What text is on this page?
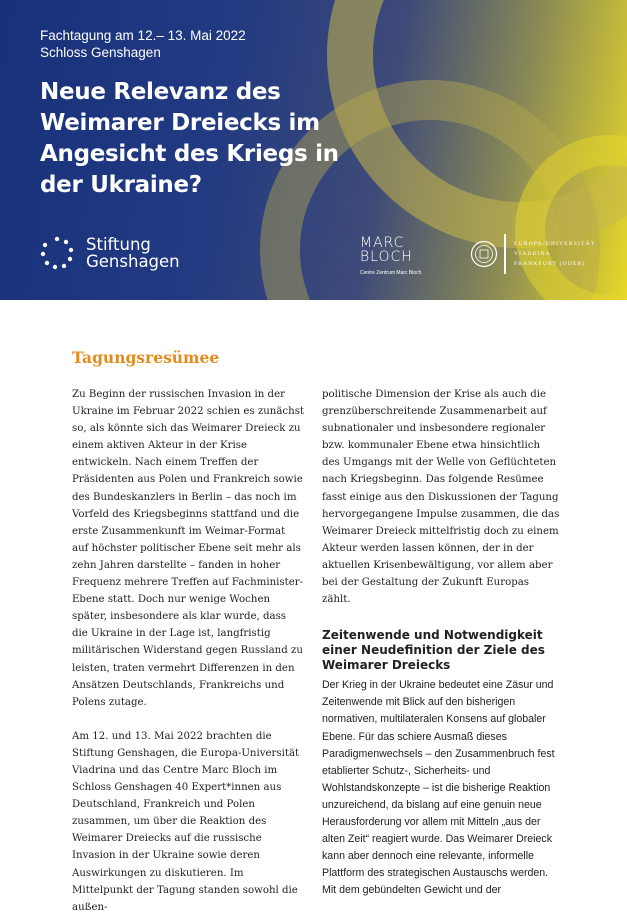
Fachtagung am 12.– 13. Mai 2022
Schloss Genshagen
Neue Relevanz des Weimarer Dreiecks im Angesicht des Kriegs in der Ukraine?
Stiftung
Genshagen
MARC
BLOCH
Centre Zentrum Marc Bloch
EUROPA-UNIVERSITÄT
VIADRINA
FRANKFURT (ODER)
Tagungsresümee

Zu Beginn der russischen Invasion in der Ukraine im Februar 2022 schien es zunächst so, als könnte sich das Weimarer Dreieck zu einem aktiven Akteur in der Krise entwickeln. Nach einem Treffen der Präsidenten aus Polen und Frankreich sowie des Bundeskanzlers in Berlin – das noch im Vorfeld des Kriegsbeginns stattfand und die erste Zusammenkunft im Weimar-Format auf höchster politischer Ebene seit mehr als zehn Jahren darstellte – fanden in hoher Frequenz mehrere Treffen auf Fachminister-Ebene statt. Doch nur wenige Wochen später, insbesondere als klar wurde, dass die Ukraine in der Lage ist, langfristig militärischen Widerstand gegen Russland zu leisten, traten vermehrt Differenzen in den Ansätzen Deutschlands, Frankreichs und Polens zutage.

Am 12. und 13. Mai 2022 brachten die Stiftung Genshagen, die Europa-Universität Viadrina und das Centre Marc Bloch im Schloss Genshagen 40 Expert*innen aus Deutschland, Frankreich und Polen zusammen, um über die Reaktion des Weimarer Dreiecks auf die russische Invasion in der Ukraine sowie deren Auswirkungen zu diskutieren. Im Mittelpunkt der Tagung standen sowohl die außen-

politische Dimension der Krise als auch die grenzüberschreitende Zusammenarbeit auf subnationaler und insbesondere regionaler bzw. kommunaler Ebene etwa hinsichtlich des Umgangs mit der Welle von Geflüchteten nach Kriegsbeginn. Das folgende Resümee fasst einige aus den Diskussionen der Tagung hervorgegangene Impulse zusammen, die das Weimarer Dreieck mittelfristig doch zu einem Akteur werden lassen können, der in der aktuellen Krisenbewältigung, vor allem aber bei der Gestaltung der Zukunft Europas zählt.

Zeitenwende und Notwendigkeit einer Neudefinition der Ziele des Weimarer Dreiecks

Der Krieg in der Ukraine bedeutet eine Zäsur und Zeitenwende mit Blick auf den bisherigen normativen, multilateralen Konsens auf globaler Ebene. Für das schiere Ausmaß dieses Paradigmenwechsels – den Zusammenbruch fest etablierter Schutz-, Sicherheits- und Wohlstandskonzepte – ist die bisherige Reaktion unzureichend, da bislang auf eine genuin neue Herausforderung vor allem mit Mitteln „aus der alten Zeit“ reagiert wurde. Das Weimarer Dreieck kann aber dennoch eine relevante, informelle Plattform des strategischen Austauschs werden. Mit dem gebündelten Gewicht und der
